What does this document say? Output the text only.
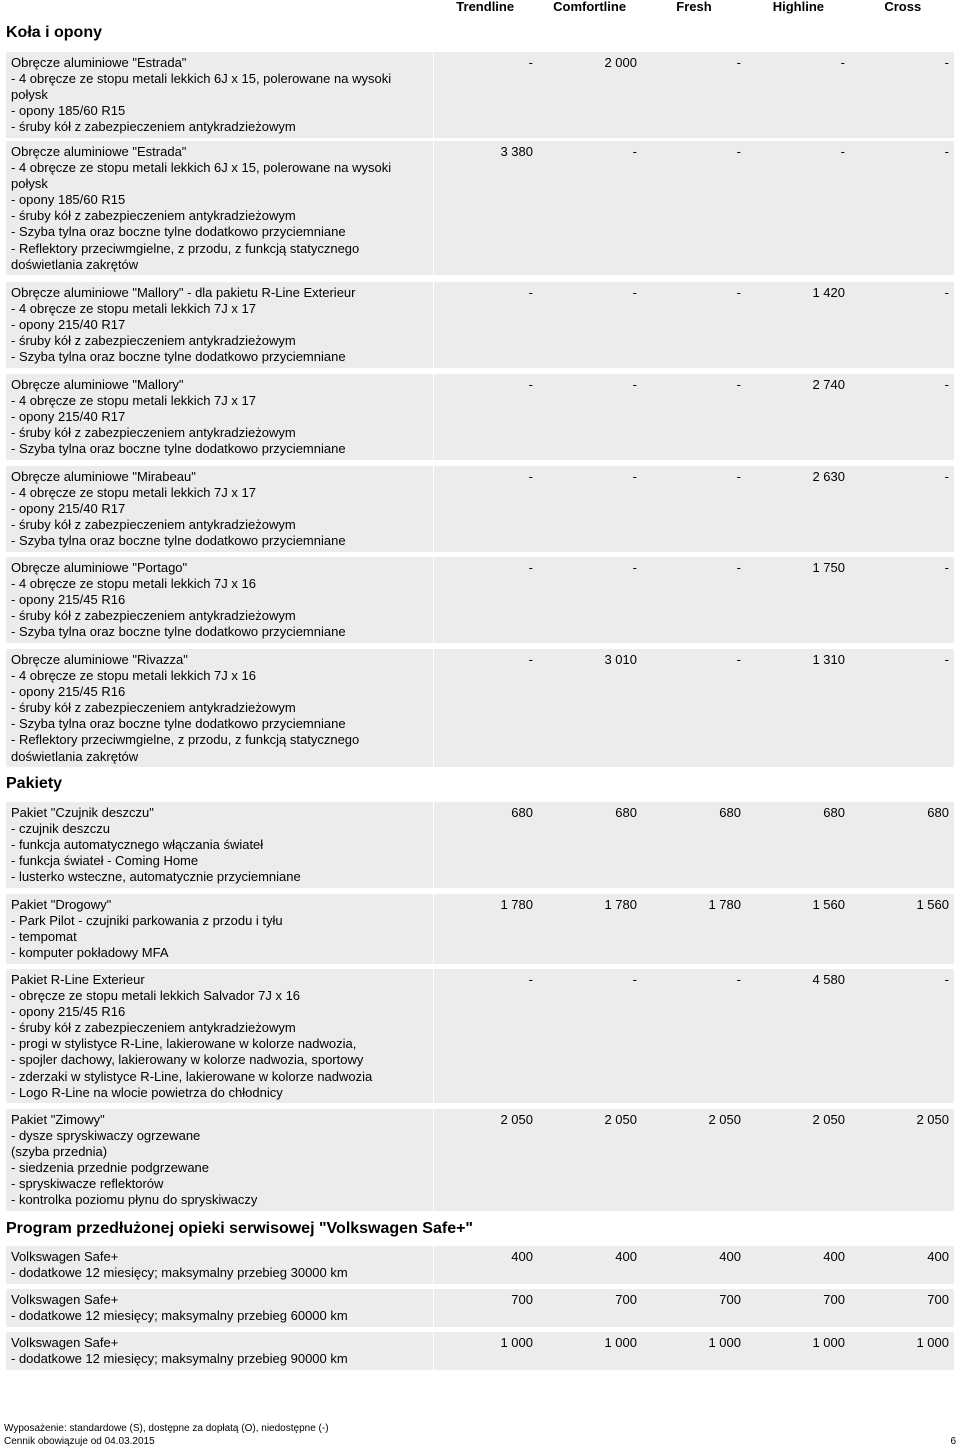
Trendline	Comfortline	Fresh	Highline	Cross
Koła i opony
Pakiety
Program przedłużonej opieki serwisowej "Volkswagen Safe+"
Obręcze aluminiowe "Estrada"
- 4 obręcze ze stopu metali lekkich 6J x 15, polerowane na wysoki
połysk
- opony 185/60 R15
- śruby kół z zabezpieczeniem antykradzieżowym
-	2 000	-	-	-
Obręcze aluminiowe "Estrada"
- 4 obręcze ze stopu metali lekkich 6J x 15, polerowane na wysoki
połysk
- opony 185/60 R15
- śruby kół z zabezpieczeniem antykradzieżowym
- Szyba tylna oraz boczne tylne dodatkowo przyciemniane
- Reflektory przeciwmgielne, z przodu, z funkcją statycznego
doświetlania zakrętów
3 380	-	-	-	-
Obręcze aluminiowe "Mallory" - dla pakietu R-Line Exterieur
- 4 obręcze ze stopu metali lekkich 7J x 17
- opony 215/40 R17
- śruby kół z zabezpieczeniem antykradzieżowym
- Szyba tylna oraz boczne tylne dodatkowo przyciemniane
-	-	-	1 420	-
Obręcze aluminiowe "Mallory"
- 4 obręcze ze stopu metali lekkich 7J x 17
- opony 215/40 R17
- śruby kół z zabezpieczeniem antykradzieżowym
- Szyba tylna oraz boczne tylne dodatkowo przyciemniane
-	-	-	2 740	-
Obręcze aluminiowe "Mirabeau"
- 4 obręcze ze stopu metali lekkich 7J x 17
- opony 215/40 R17
- śruby kół z zabezpieczeniem antykradzieżowym
- Szyba tylna oraz boczne tylne dodatkowo przyciemniane
-	-	-	2 630	-
Obręcze aluminiowe "Portago"
- 4 obręcze ze stopu metali lekkich 7J x 16
- opony 215/45 R16
- śruby kół z zabezpieczeniem antykradzieżowym
- Szyba tylna oraz boczne tylne dodatkowo przyciemniane
-	-	-	1 750	-
Obręcze aluminiowe "Rivazza"
- 4 obręcze ze stopu metali lekkich 7J x 16
- opony 215/45 R16
- śruby kół z zabezpieczeniem antykradzieżowym
- Szyba tylna oraz boczne tylne dodatkowo przyciemniane
- Reflektory przeciwmgielne, z przodu, z funkcją statycznego
doświetlania zakrętów
-	3 010	-	1 310	-
Pakiet "Czujnik deszczu"
- czujnik deszczu
- funkcja automatycznego włączania świateł
- funkcja świateł - Coming Home
- lusterko wsteczne, automatycznie przyciemniane
680	680	680	680	680
Pakiet "Drogowy"
- Park Pilot - czujniki parkowania z przodu i tyłu
- tempomat
- komputer pokładowy MFA
1 780	1 780	1 780	1 560	1 560
Pakiet R-Line Exterieur
- obręcze ze stopu metali lekkich Salvador 7J x 16
- opony 215/45 R16
- śruby kół z zabezpieczeniem antykradzieżowym
- progi w stylistyce R-Line, lakierowane w kolorze nadwozia,
- spojler dachowy, lakierowany w kolorze nadwozia, sportowy
- zderzaki w stylistyce R-Line, lakierowane w kolorze nadwozia
- Logo R-Line na wlocie powietrza do chłodnicy
-	-	-	4 580	-
Pakiet "Zimowy"
- dysze spryskiwaczy ogrzewane
(szyba przednia)
- siedzenia przednie podgrzewane
- spryskiwacze reflektorów
- kontrolka poziomu płynu do spryskiwaczy
2 050	2 050	2 050	2 050	2 050
Volkswagen Safe+
- dodatkowe 12 miesięcy; maksymalny przebieg 30000 km
400	400	400	400	400
Volkswagen Safe+
- dodatkowe 12 miesięcy; maksymalny przebieg 60000 km
700	700	700	700	700
Volkswagen Safe+
- dodatkowe 12 miesięcy; maksymalny przebieg 90000 km
1 000	1 000	1 000	1 000	1 000
Wyposażenie: standardowe (S), dostępne za dopłatą (O), niedostępne (-)
Cennik obowiązuje od 04.03.2015	6
